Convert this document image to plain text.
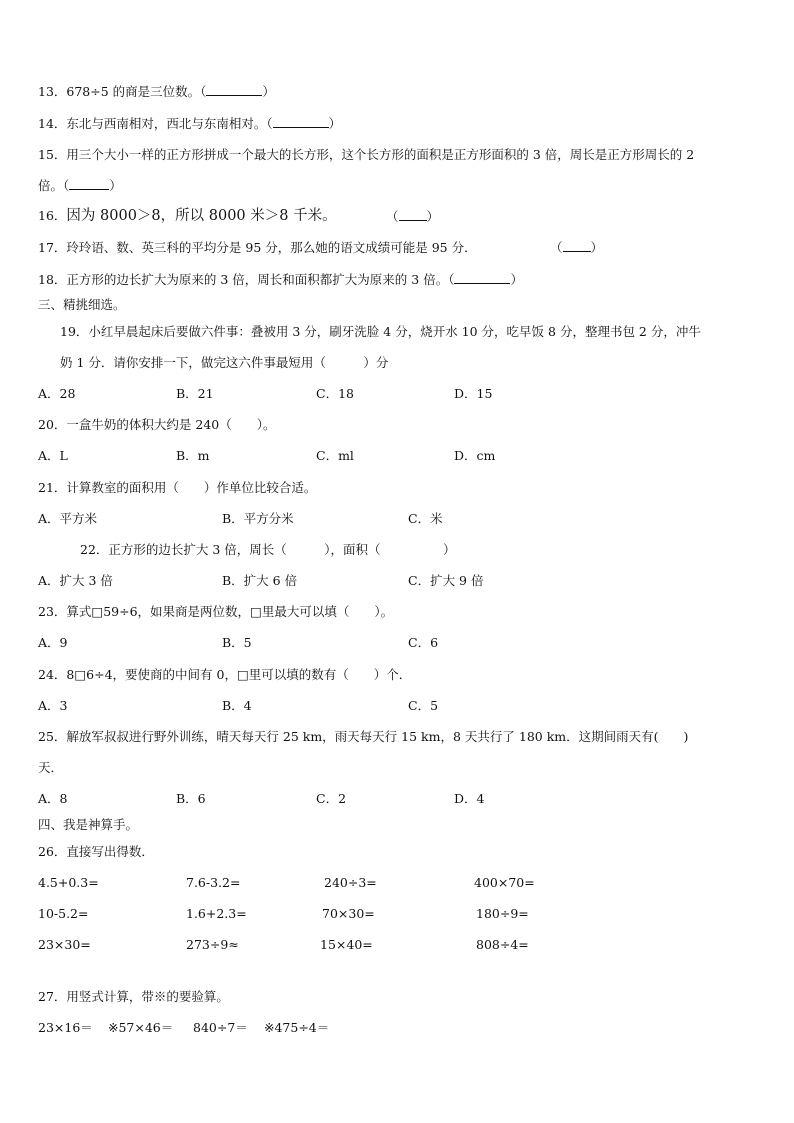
13．678÷5 的商是三位数。（	）
14．东北与西南相对，西北与东南相对。（	）
15．用三个大小一样的正方形拼成一个最大的长方形，这个长方形的面积是正方形面积的 3 倍，周长是正方形周长的 2
倍。（	）
16．因为 8000＞8，所以 8000 米＞8 千米。	（ ）
17．玲玲语、数、英三科的平均分是 95 分，那么她的语文成绩可能是 95 分．	（ ）
18．正方形的边长扩大为原来的 3 倍，周长和面积都扩大为原来的 3 倍。（	）
三、精挑细选。
19．小红早晨起床后要做六件事：叠被用 3 分，刷牙洗脸 4 分，烧开水 10 分，吃早饭 8 分，整理书包 2 分，冲牛
奶 1 分．请你安排一下，做完这六件事最短用（　　　）分
A．28	B．21	C．18	D．15
20．一盒牛奶的体积大约是 240（　　）。
A．L	B．m	C．ml	D．cm
21．计算教室的面积用（　　）作单位比较合适。
A．平方米	B．平方分米	C．米
22．正方形的边长扩大 3 倍，周长（　　　），面积（　　　　　）
A．扩大 3 倍	B．扩大 6 倍	C．扩大 9 倍
23．算式□59÷6，如果商是两位数，□里最大可以填（　　）。
A．9	B．5	C．6
24．8□6÷4，要使商的中间有 0，□里可以填的数有（　　）个．
A．3	B．4	C．5
25．解放军叔叔进行野外训练，晴天每天行 25 km，雨天每天行 15 km，8 天共行了 180 km．这期间雨天有(　　)
天．
A．8	B．6	C．2	D．4
四、我是神算手。
26．直接写出得数．
4.5+0.3=	7.6-3.2=	240÷3=	400×70=
10-5.2=	1.6+2.3=	70×30=	180÷9=
23×30=	273÷9≈	15×40=	808÷4=
27．用竖式计算，带※的要验算。
23×16＝ ※57×46＝ 840÷7＝ ※475÷4＝
